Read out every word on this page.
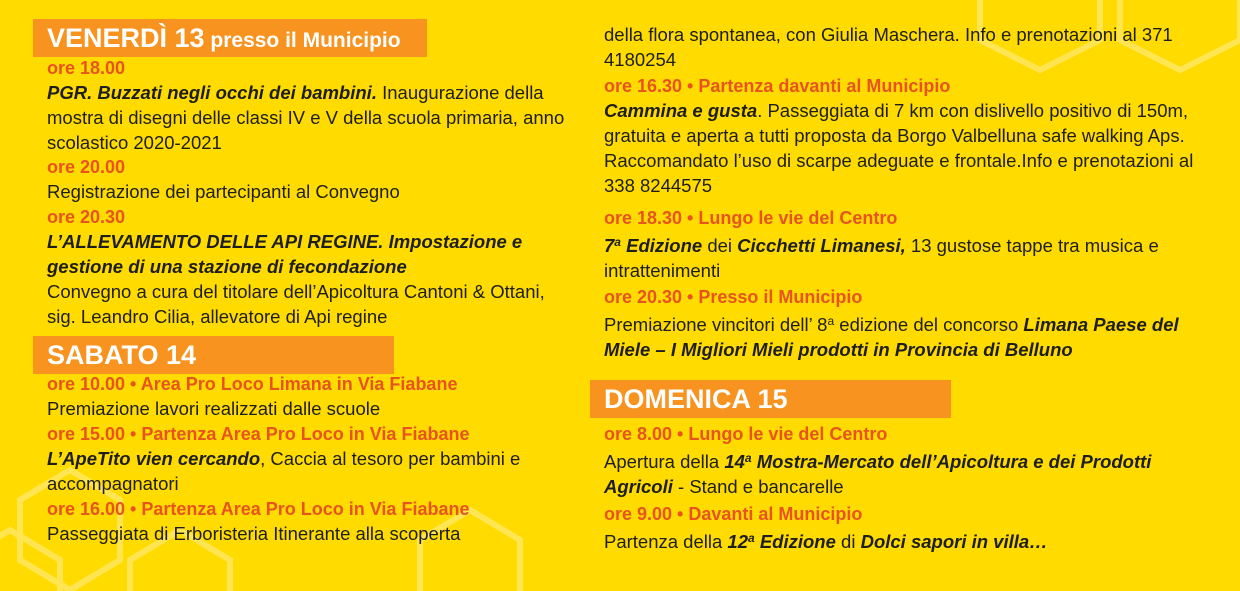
VENERDÌ 13 presso il Municipio
ore 18.00
PGR. Buzzati negli occhi dei bambini. Inaugurazione della mostra di disegni delle classi IV e V della scuola primaria, anno scolastico 2020-2021
ore 20.00
Registrazione dei partecipanti al Convegno
ore 20.30
L’ALLEVAMENTO DELLE API REGINE. Impostazione e gestione di una stazione di fecondazione
Convegno a cura del titolare dell’Apicoltura Cantoni & Ottani, sig. Leandro Cilia, allevatore di Api regine
SABATO 14
ore 10.00 • Area Pro Loco Limana in Via Fiabane
Premiazione lavori realizzati dalle scuole
ore 15.00 • Partenza Area Pro Loco in Via Fiabane
L’ApeTito vien cercando, Caccia al tesoro per bambini e accompagnatori
ore 16.00 • Partenza Area Pro Loco in Via Fiabane
Passeggiata di Erboristeria Itinerante alla scoperta
della flora spontanea, con Giulia Maschera. Info e prenotazioni al 371 4180254
ore 16.30 • Partenza davanti al Municipio
Cammina e gusta. Passeggiata di 7 km con dislivello positivo di 150m, gratuita e aperta a tutti proposta da Borgo Valbelluna safe walking Aps. Raccomandato l’uso di scarpe adeguate e frontale.Info e prenotazioni al 338 8244575
ore 18.30 • Lungo le vie del Centro
7$^a$ Edizione dei Cicchetti Limanesi, 13 gustose tappe tra musica e intrattenimenti
ore 20.30 • Presso il Municipio
Premiazione vincitori dell’ 8$^a$ edizione del concorso Limana Paese del Miele – I Migliori Mieli prodotti in Provincia di Belluno
DOMENICA 15
ore 8.00 • Lungo le vie del Centro
Apertura della 14$^a$ Mostra-Mercato dell’Apicoltura e dei Prodotti Agricoli - Stand e bancarelle
ore 9.00 • Davanti al Municipio
Partenza della 12$^a$ Edizione di Dolci sapori in villa…
